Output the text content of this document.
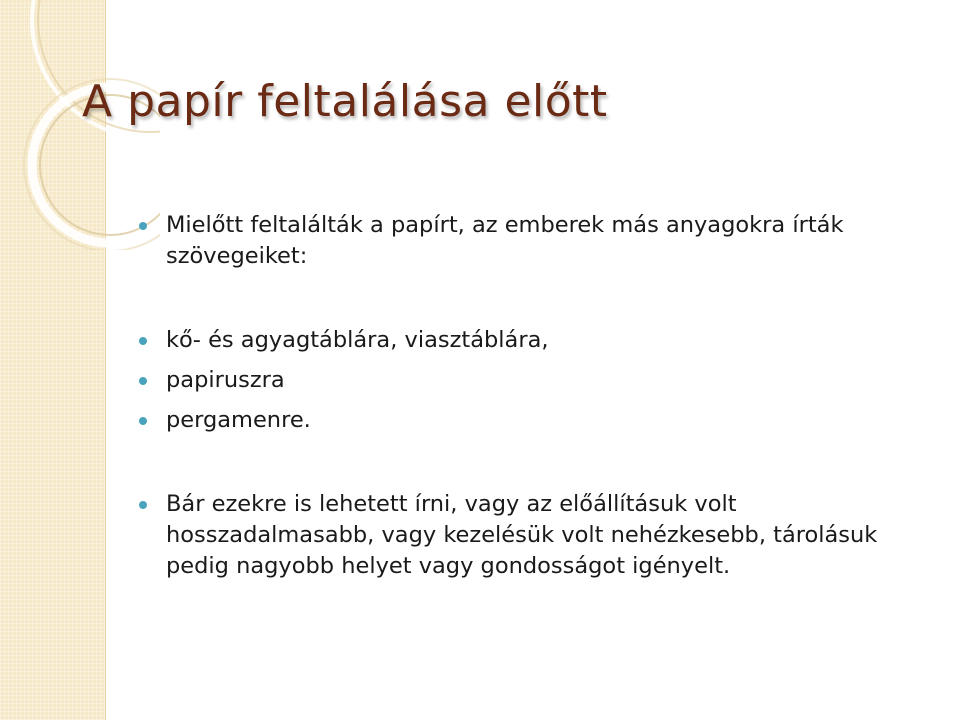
A papír feltalálása előtt
Mielőtt feltalálták a papírt, az emberek más anyagokra írták szövegeiket:
kő- és agyagtáblára, viasztáblára,
papiruszra
pergamenre.
Bár ezekre is lehetett írni, vagy az előállításuk volt hosszadalmasabb, vagy kezelésük volt nehézkesebb, tárolásuk pedig nagyobb helyet vagy gondosságot igényelt.
